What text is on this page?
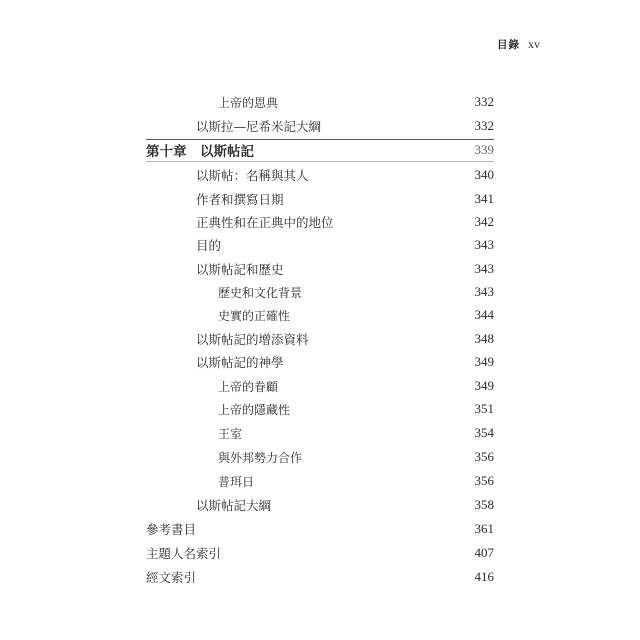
目錄 xv
上帝的恩典	332
以斯拉—尼希米記大綱	332
第十章　以斯帖記	339
以斯帖：名稱與其人	340
作者和撰寫日期	341
正典性和在正典中的地位	342
目的	343
以斯帖記和歷史	343
歷史和文化背景	343
史實的正確性	344
以斯帖記的增添資料	348
以斯帖記的神學	349
上帝的眷顧	349
上帝的隱藏性	351
王室	354
與外邦勢力合作	356
普珥日	356
以斯帖記大綱	358
參考書目	361
主題人名索引	407
經文索引	416
